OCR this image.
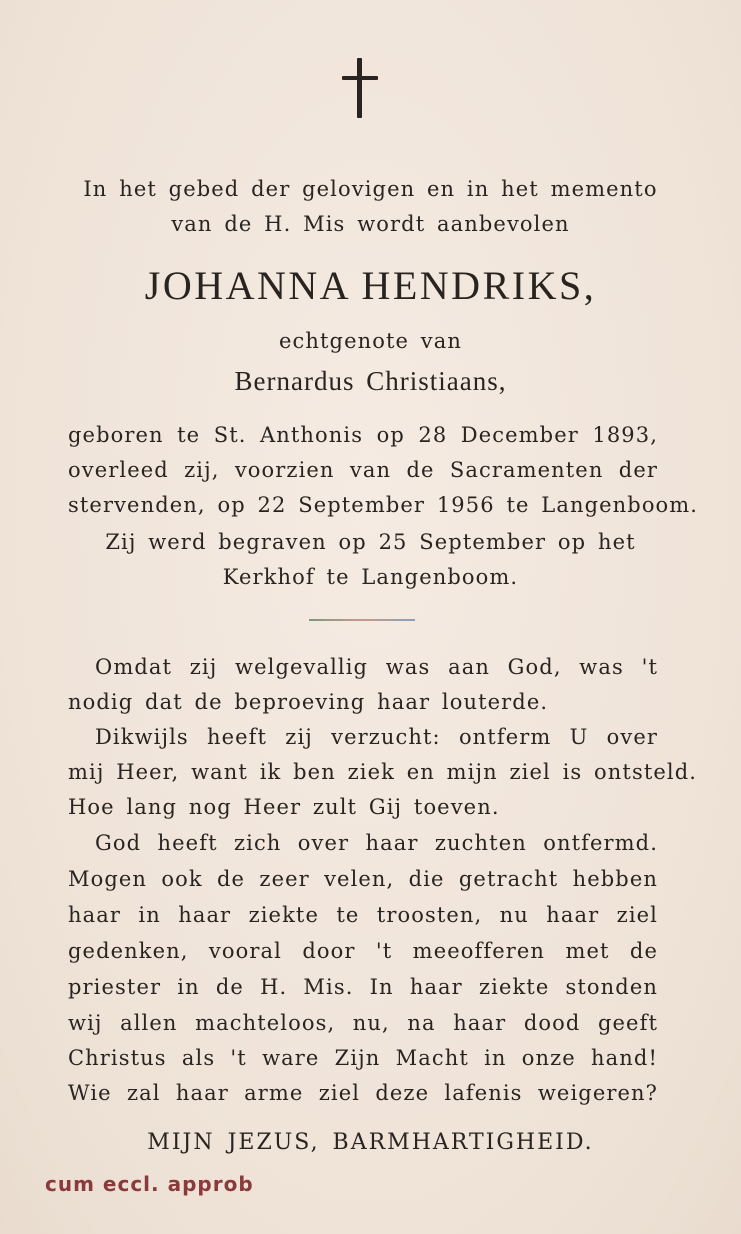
In het gebed der gelovigen en in het memento
van de H. Mis wordt aanbevolen
JOHANNA HENDRIKS,
echtgenote van
Bernardus Christiaans,
geboren te St. Anthonis op 28 December 1893,
overleed zij, voorzien van de Sacramenten der
stervenden, op 22 September 1956 te Langenboom.
Zij werd begraven op 25 September op het
Kerkhof te Langenboom.
Omdat zij welgevallig was aan God, was 't
nodig dat de beproeving haar louterde.
Dikwijls heeft zij verzucht: ontferm U over
mij Heer, want ik ben ziek en mijn ziel is ontsteld.
Hoe lang nog Heer zult Gij toeven.
God heeft zich over haar zuchten ontfermd.
Mogen ook de zeer velen, die getracht hebben
haar in haar ziekte te troosten, nu haar ziel
gedenken, vooral door 't meeofferen met de
priester in de H. Mis. In haar ziekte stonden
wij allen machteloos, nu, na haar dood geeft
Christus als 't ware Zijn Macht in onze hand!
Wie zal haar arme ziel deze lafenis weigeren?
MIJN JEZUS, BARMHARTIGHEID.
cum eccl. approb
